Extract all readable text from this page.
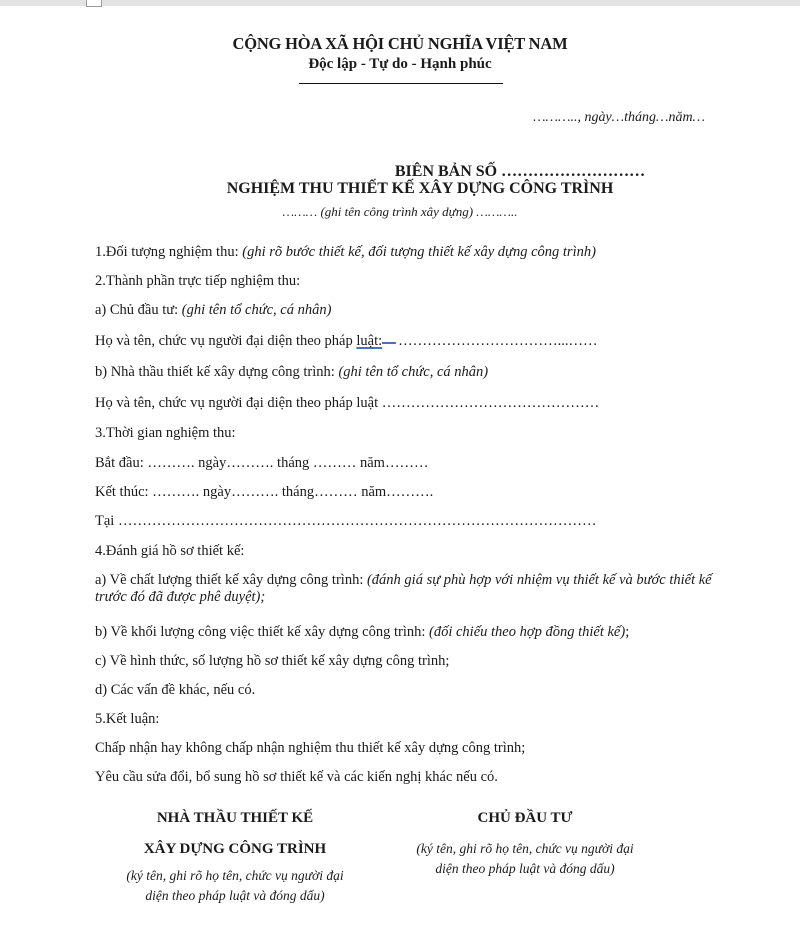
CỘNG HÒA XÃ HỘI CHỦ NGHĨA VIỆT NAM
Độc lập - Tự do - Hạnh phúc
……….., ngày…tháng…năm…
BIÊN BẢN SỐ ………………………
NGHIỆM THU THIẾT KẾ XÂY DỰNG CÔNG TRÌNH
……… (ghi tên công trình xây dựng) ………..
1.Đối tượng nghiệm thu: (ghi rõ bước thiết kế, đối tượng thiết kế xây dựng công trình)
2.Thành phần trực tiếp nghiệm thu:
a) Chủ đầu tư: (ghi tên tổ chức, cá nhân)
Họ và tên, chức vụ người đại diện theo pháp luật: ……………………………...……
b) Nhà thầu thiết kế xây dựng công trình: (ghi tên tổ chức, cá nhân)
Họ và tên, chức vụ người đại diện theo pháp luật ………………………………………
3.Thời gian nghiệm thu:
Bắt đầu: ………. ngày………. tháng ……… năm………
Kết thúc: ………. ngày………. tháng……… năm……….
Tại ………………………………………………………………………………………
4.Đánh giá hồ sơ thiết kế:
a) Về chất lượng thiết kế xây dựng công trình: (đánh giá sự phù hợp với nhiệm vụ thiết kế và bước thiết kế trước đó đã được phê duyệt);
b) Về khối lượng công việc thiết kế xây dựng công trình: (đối chiếu theo hợp đồng thiết kế);
c) Về hình thức, số lượng hồ sơ thiết kế xây dựng công trình;
d) Các vấn đề khác, nếu có.
5.Kết luận:
Chấp nhận hay không chấp nhận nghiệm thu thiết kế xây dựng công trình;
Yêu cầu sửa đổi, bổ sung hồ sơ thiết kế và các kiến nghị khác nếu có.
NHÀ THẦU THIẾT KẾ
XÂY DỰNG CÔNG TRÌNH
(ký tên, ghi rõ họ tên, chức vụ người đại
diện theo pháp luật và đóng dấu)
CHỦ ĐẦU TƯ
(ký tên, ghi rõ họ tên, chức vụ người đại
diện theo pháp luật và đóng dấu)
